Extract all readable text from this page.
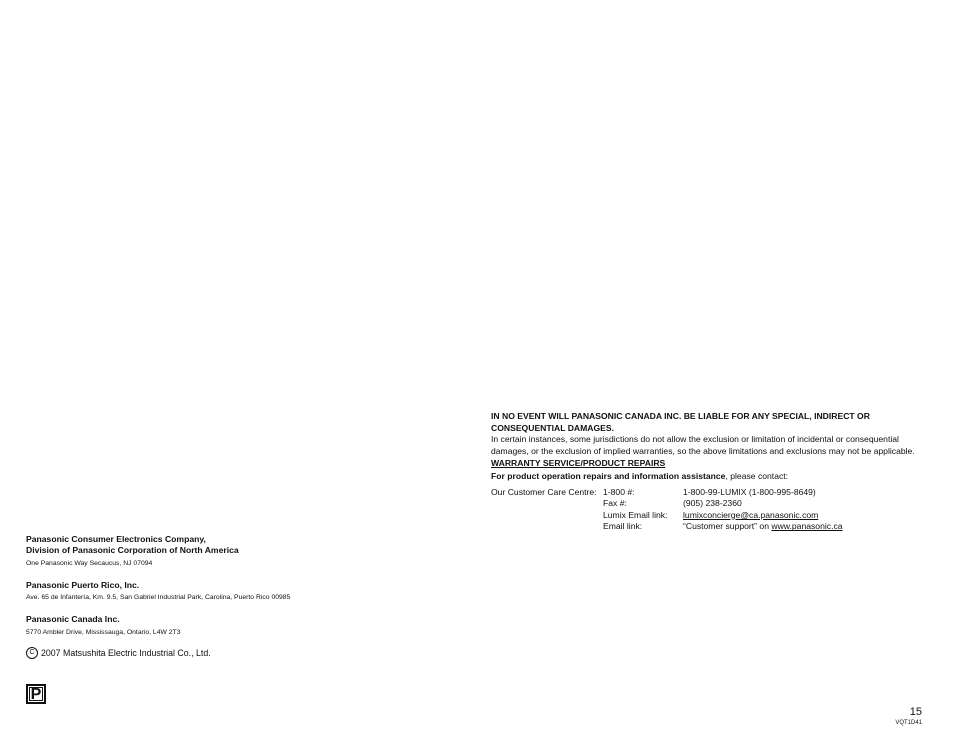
IN NO EVENT WILL PANASONIC CANADA INC. BE LIABLE FOR ANY SPECIAL, INDIRECT OR CONSEQUENTIAL DAMAGES.
In certain instances, some jurisdictions do not allow the exclusion or limitation of incidental or consequential damages, or the exclusion of implied warranties, so the above limitations and exclusions may not be applicable.
WARRANTY SERVICE/PRODUCT REPAIRS
For product operation repairs and information assistance, please contact:
Our Customer Care Centre: 1-800 #:	1-800-99-LUMIX (1-800-995-8649)
Fax #:	(905) 238-2360
Lumix Email link:	lumixconcierge@ca.panasonic.com
Email link:	“Customer support” on www.panasonic.ca
Panasonic Consumer Electronics Company,
Division of Panasonic Corporation of North America
One Panasonic Way Secaucus, NJ 07094
Panasonic Puerto Rico, Inc.
Ave. 65 de Infantería, Km. 9.5, San Gabriel Industrial Park, Carolina, Puerto Rico 00985
Panasonic Canada Inc.
5770 Ambler Drive, Mississauga, Ontario, L4W 2T3
C 2007 Matsushita Electric Industrial Co., Ltd.
P
15
VQT1D41
